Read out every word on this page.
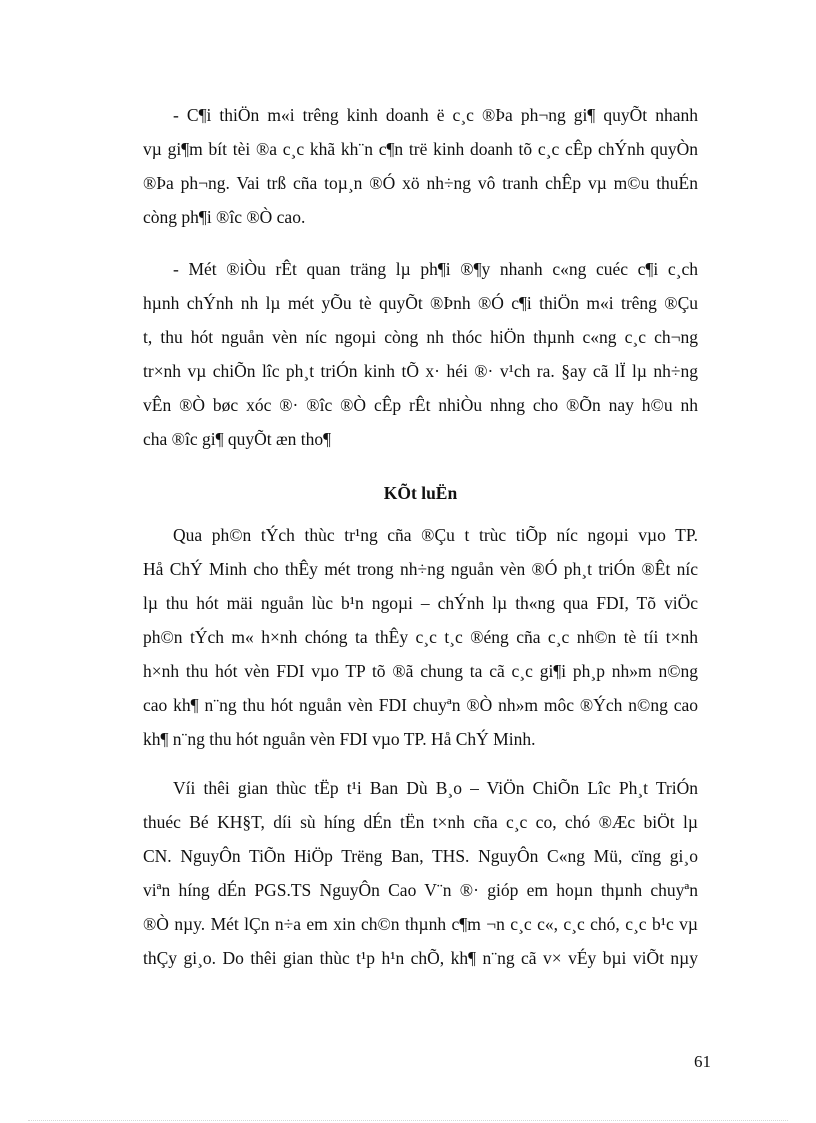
- C¶i thiÖn m«i trêng kinh doanh ë c¸c ®Þa ph¬ng gi¶ quyÕt nhanh
vµ gi¶m bít tèi ®a c¸c khã kh¨n c¶n trë kinh doanh tõ c¸c cÊp chÝnh quyÒn
®Þa ph¬ng. Vai trß cña toµ¸n ®Ó xö nh÷ng vô tranh chÊp vµ m©u thuÉn
còng ph¶i ®îc ®Ò cao.
- Mét ®iÒu rÊt quan träng lµ ph¶i ®¶y nhanh c«ng cuéc c¶i c¸ch
hµnh chÝnh nh lµ mét yÕu tè quyÕt ®Þnh ®Ó c¶i thiÖn m«i trêng ®Çu
t, thu hót nguån vèn níc ngoµi còng nh thóc hiÖn thµnh c«ng c¸c ch¬ng
tr×nh vµ chiÕn lîc ph¸t triÓn kinh tÕ x· héi ®· v¹ch ra. §ay cã lÏ lµ nh÷ng
vÊn ®Ò bøc xóc ®· ®îc ®Ò cÊp rÊt nhiÒu nhng cho ®Õn nay h©u nh
cha ®îc gi¶ quyÕt æn tho¶
KÕt luËn
Qua ph©n tÝch thùc tr¹ng cña ®Çu t trùc tiÕp níc ngoµi vµo TP.
Hå ChÝ Minh cho thÊy mét trong nh÷ng nguån vèn ®Ó ph¸t triÓn ®Êt níc
lµ thu hót mäi nguån lùc b¹n ngoµi – chÝnh lµ th«ng qua FDI, Tõ viÖc
ph©n tÝch m« h×nh chóng ta thÊy c¸c t¸c ®éng cña c¸c nh©n tè tíi t×nh
h×nh thu hót vèn FDI vµo TP tõ ®ã chung ta cã c¸c gi¶i ph¸p nh»m n©ng
cao kh¶ n¨ng thu hót nguån vèn FDI chuyªn ®Ò nh»m môc ®Ých n©ng cao
kh¶ n¨ng thu hót nguån vèn FDI vµo TP. Hå ChÝ Minh.
Víi thêi gian thùc tËp t¹i Ban Dù B¸o – ViÖn ChiÕn Lîc Ph¸t TriÓn
thuéc Bé KH§T, díi sù híng dÉn tËn t×nh cña c¸c co, chó ®Æc biÖt lµ
CN. NguyÔn TiÕn HiÖp Trëng Ban, THS. NguyÔn C«ng Mü, cïng gi¸o
viªn híng dÉn PGS.TS NguyÔn Cao V¨n ®· gióp em hoµn thµnh chuyªn
®Ò nµy. Mét lÇn n÷a em xin ch©n thµnh c¶m ¬n c¸c c«, c¸c chó, c¸c b¹c vµ
thÇy gi¸o. Do thêi gian thùc t¹p h¹n chÕ, kh¶ n¨ng cã v× vÉy bµi viÕt nµy
61
